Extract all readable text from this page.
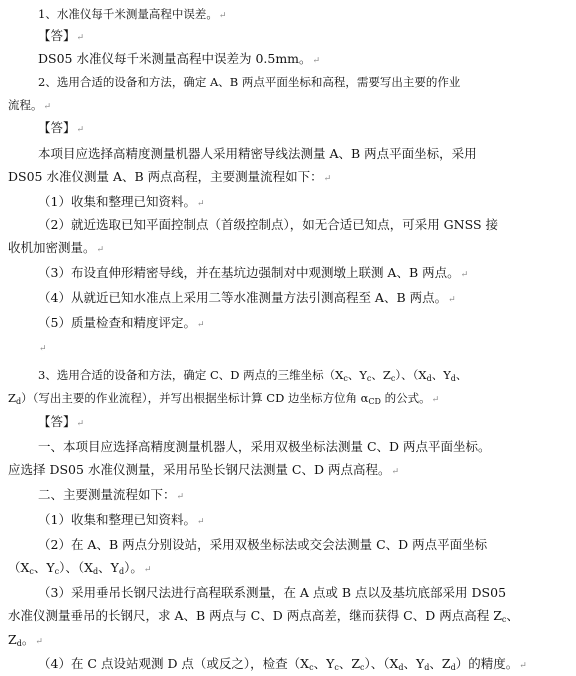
1、水准仪每千米测量高程中误差。↵
【答】↵
DS05 水准仪每千米测量高程中误差为 0.5mm。↵
2、选用合适的设备和方法，确定 A、B 两点平面坐标和高程，需要写出主要的作业
流程。↵
【答】↵
本项目应选择高精度测量机器人采用精密导线法测量 A、B 两点平面坐标，采用
DS05 水准仪测量 A、B 两点高程，主要测量流程如下：↵
（1）收集和整理已知资料。↵
（2）就近选取已知平面控制点（首级控制点），如无合适已知点，可采用 GNSS 接
收机加密测量。↵
（3）布设直伸形精密导线，并在基坑边强制对中观测墩上联测 A、B 两点。↵
（4）从就近已知水准点上采用二等水准测量方法引测高程至 A、B 两点。↵
（5）质量检查和精度评定。↵
↵
3、选用合适的设备和方法，确定 C、D 两点的三维坐标（$X_c$、$Y_c$、$Z_c$）、（$X_d$、$Y_d$、
$Z_d$）（写出主要的作业流程），并写出根据坐标计算 CD 边坐标方位角 $\alpha_{CD}$ 的公式。↵
【答】↵
一、本项目应选择高精度测量机器人，采用双极坐标法测量 C、D 两点平面坐标。
应选择 DS05 水准仪测量，采用吊坠长钢尺法测量 C、D 两点高程。↵
二、主要测量流程如下：↵
（1）收集和整理已知资料。↵
（2）在 A、B 两点分别设站，采用双极坐标法或交会法测量 C、D 两点平面坐标
（$X_c$、$Y_c$）、（$X_d$、$Y_d$）。↵
（3）采用垂吊长钢尺法进行高程联系测量，在 A 点或 B 点以及基坑底部采用 DS05
水准仪测量垂吊的长钢尺，求 A、B 两点与 C、D 两点高差，继而获得 C、D 两点高程 $Z_c$、
$Z_d$。↵
（4）在 C 点设站观测 D 点（或反之），检查（$X_c$、$Y_c$、$Z_c$）、（$X_d$、$Y_d$、$Z_d$）的精度。↵
